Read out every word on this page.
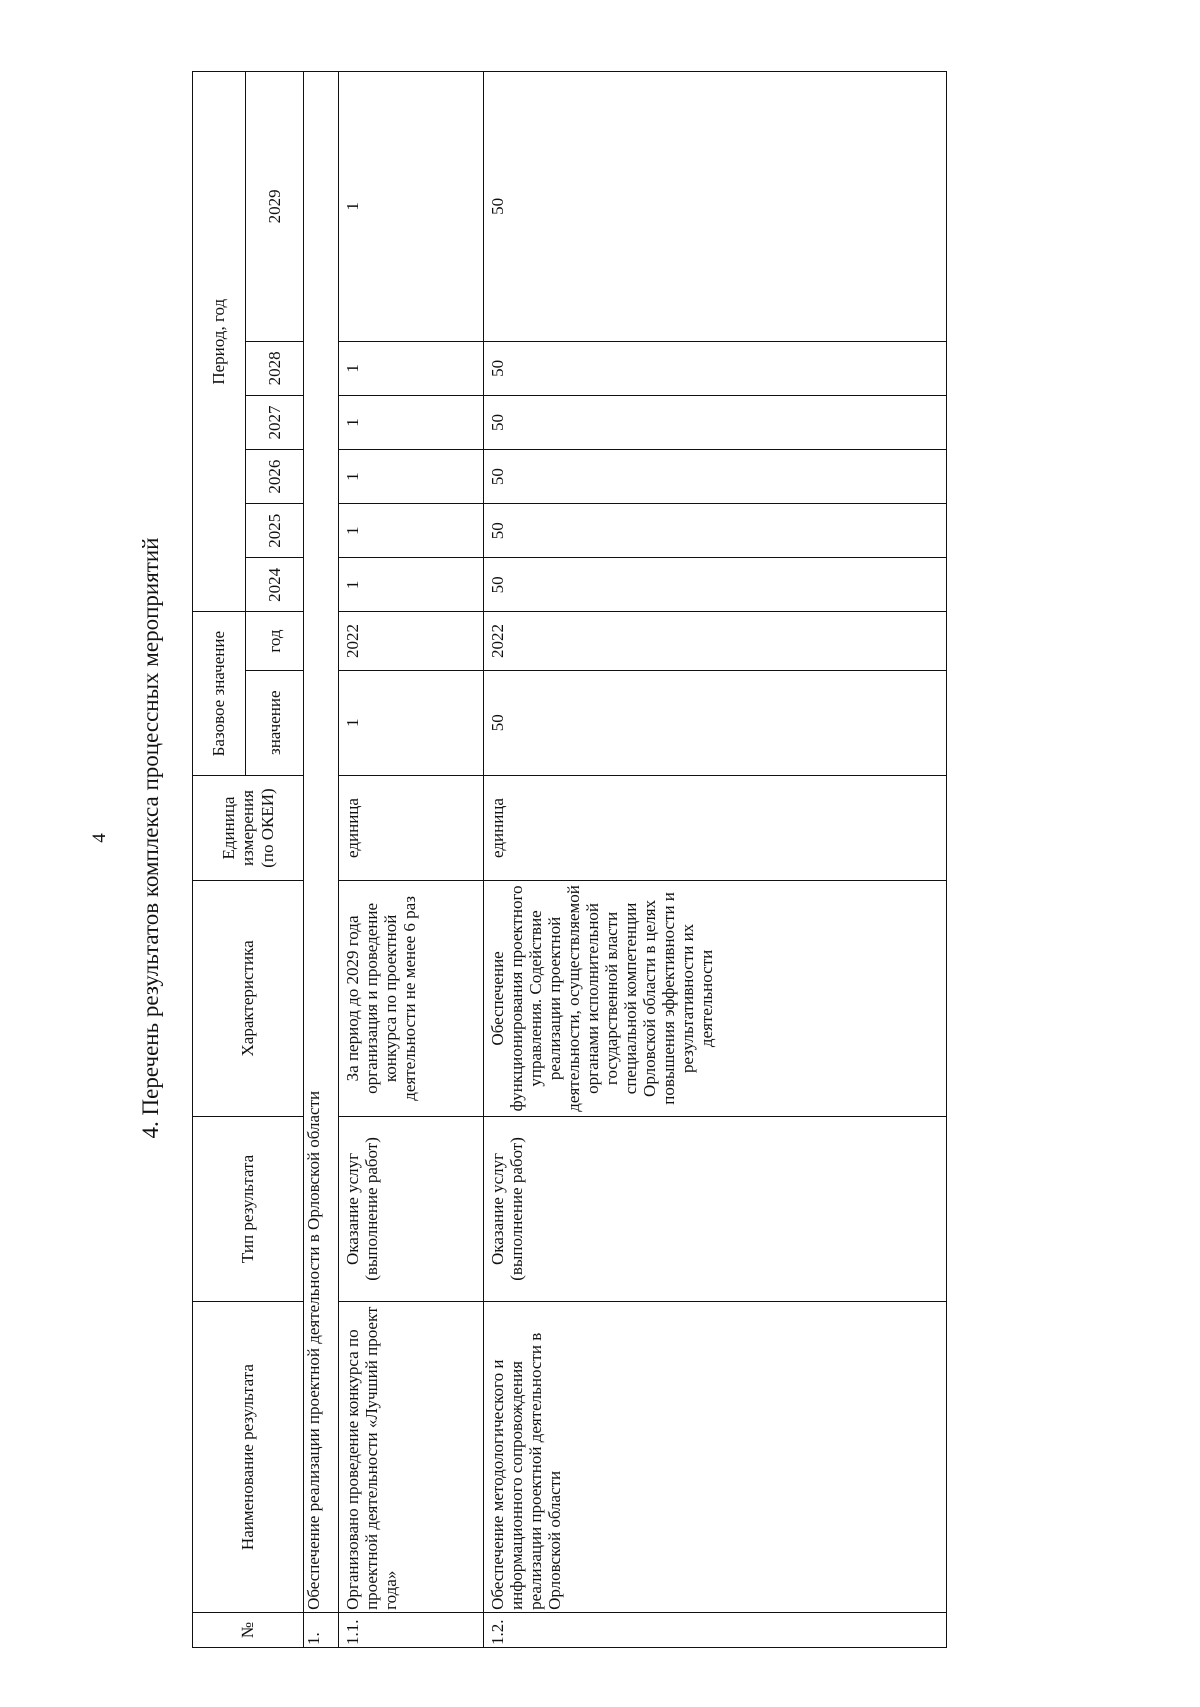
4	4. Перечень результатов комплекса процессных мероприятий
№	Наименование результата	Тип результата	Характеристика	Единица измерения (по ОКЕИ)	Базовое значение		Период, год					
							2024	2025	2026	2027	2028	2029
					значение	год						
1.	Обеспечение реализации проектной деятельности в Орловской области											
1.1.	Организовано проведение конкурса по проектной деятельности «Лучший проект года»	Оказание услуг (выполнение работ)	За период до 2029 года организация и проведение конкурса по проектной деятельности не менее 6 раз	единица	1	2022	1	1	1	1	1	1
1.2.	Обеспечение методологического и информационного сопровождения реализации проектной деятельности в Орловской области	Оказание услуг (выполнение работ)	Обеспечение функционирования проектного управления. Содействие реализации проектной деятельности, осуществляемой органами исполнительной государственной власти специальной компетенции Орловской области в целях повышения эффективности и результативности их деятельности	единица	50	2022	50	50	50	50	50	50
